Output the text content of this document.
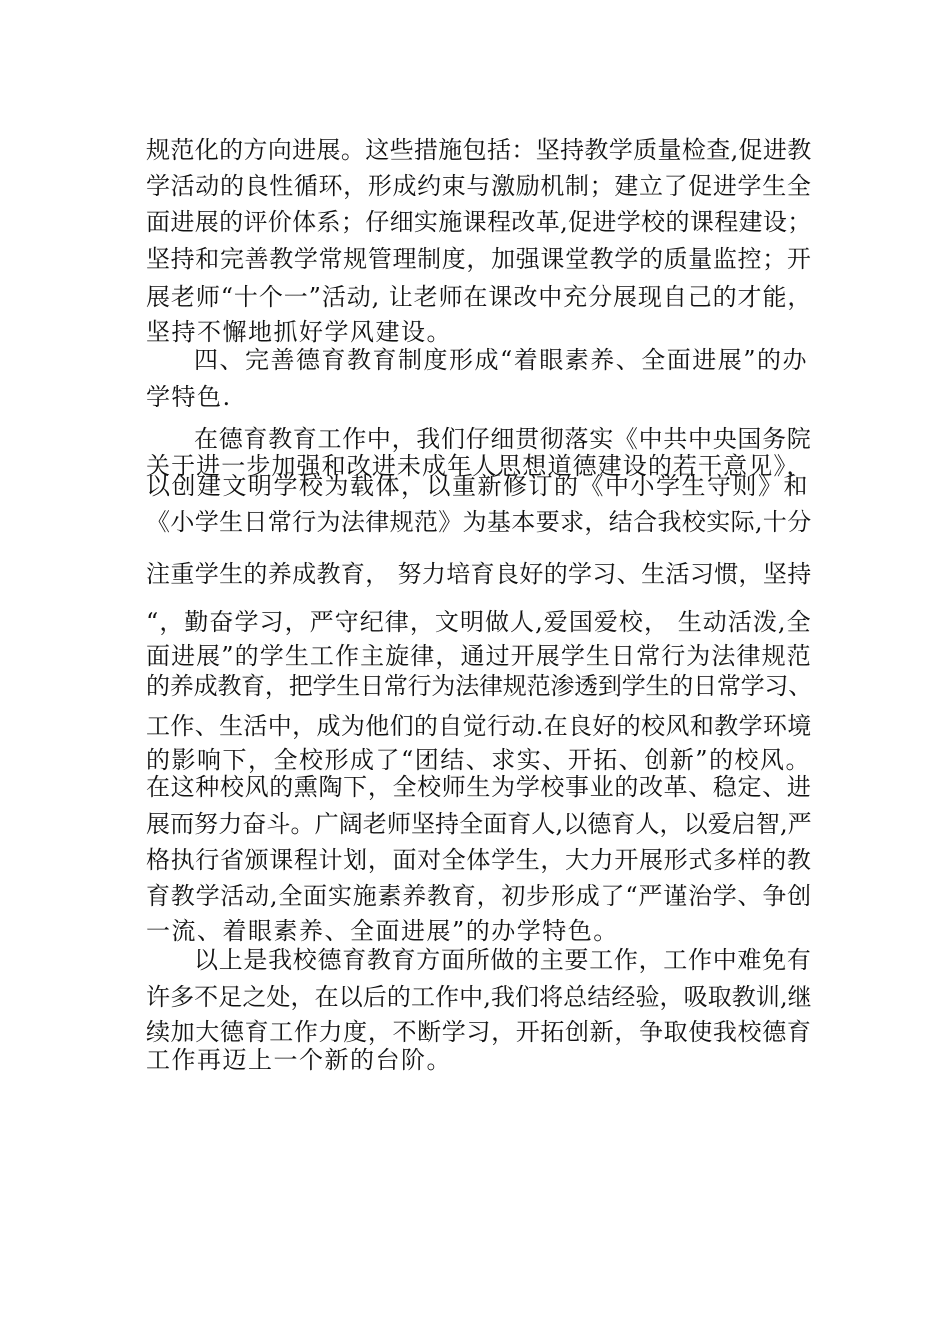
规范化的方向进展。这些措施包括：坚持教学质量检查,促进教
学活动的良性循环，形成约束与激励机制；建立了促进学生全
面进展的评价体系；仔细实施课程改革,促进学校的课程建设；
坚持和完善教学常规管理制度，加强课堂教学的质量监控；开
展老师“十个一”活动, 让老师在课改中充分展现自己的才能，
坚持不懈地抓好学风建设。
四、完善德育教育制度形成“着眼素养、全面进展”的办
学特色.
在德育教育工作中，我们仔细贯彻落实《中共中央国务院
关于进一步加强和改进未成年人思想道德建设的若干意见》，
以创建文明学校为载体，以重新修订的《中小学生守则》和
《小学生日常行为法律规范》为基本要求，结合我校实际,十分
注重学生的养成教育， 努力培育良好的学习、生活习惯，坚持
“，勤奋学习，严守纪律，文明做人,爱国爱校， 生动活泼,全
面进展”的学生工作主旋律，通过开展学生日常行为法律规范
的养成教育，把学生日常行为法律规范渗透到学生的日常学习、
工作、生活中，成为他们的自觉行动.在良好的校风和教学环境
的影响下，全校形成了“团结、求实、开拓、创新”的校风。
在这种校风的熏陶下，全校师生为学校事业的改革、稳定、进
展而努力奋斗。广阔老师坚持全面育人,以德育人，以爱启智,严
格执行省颁课程计划，面对全体学生，大力开展形式多样的教
育教学活动,全面实施素养教育，初步形成了“严谨治学、争创
一流、着眼素养、全面进展”的办学特色。
以上是我校德育教育方面所做的主要工作，工作中难免有
许多不足之处，在以后的工作中,我们将总结经验，吸取教训,继
续加大德育工作力度，不断学习，开拓创新，争取使我校德育
工作再迈上一个新的台阶。
